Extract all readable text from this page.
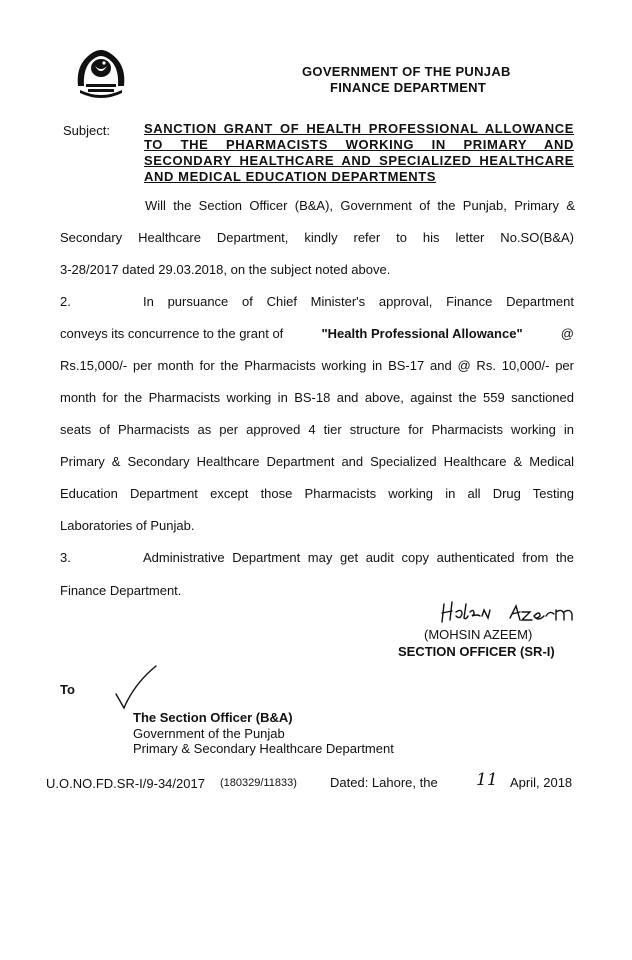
GOVERNMENT OF THE PUNJAB
FINANCE DEPARTMENT
Subject:	SANCTION GRANT OF HEALTH PROFESSIONAL ALLOWANCE
TO THE PHARMACISTS WORKING IN PRIMARY AND
SECONDARY HEALTHCARE AND SPECIALIZED HEALTHCARE
AND MEDICAL EDUCATION DEPARTMENTS
Will the Section Officer (B&A), Government of the Punjab, Primary &
Secondary Healthcare Department, kindly refer to his letter No.SO(B&A)
3-28/2017 dated 29.03.2018, on the subject noted above.
2.	In pursuance of Chief Minister's approval, Finance Department
conveys its concurrence to the grant of	"Health Professional Allowance"	@
Rs.15,000/- per month for the Pharmacists working in BS-17 and @ Rs. 10,000/- per
month for the Pharmacists working in BS-18 and above, against the 559 sanctioned
seats of Pharmacists as per approved 4 tier structure for Pharmacists working in
Primary & Secondary Healthcare Department and Specialized Healthcare & Medical
Education Department except those Pharmacists working in all Drug Testing
Laboratories of Punjab.
3.	Administrative Department may get audit copy authenticated from the
Finance Department.
(MOHSIN AZEEM)
SECTION OFFICER (SR-I)
To
The Section Officer (B&A)
Government of the Punjab
Primary & Secondary Healthcare Department
U.O.NO.FD.SR-I/9-34/2017 (180329/11833)	Dated: Lahore, the 11 April, 2018
